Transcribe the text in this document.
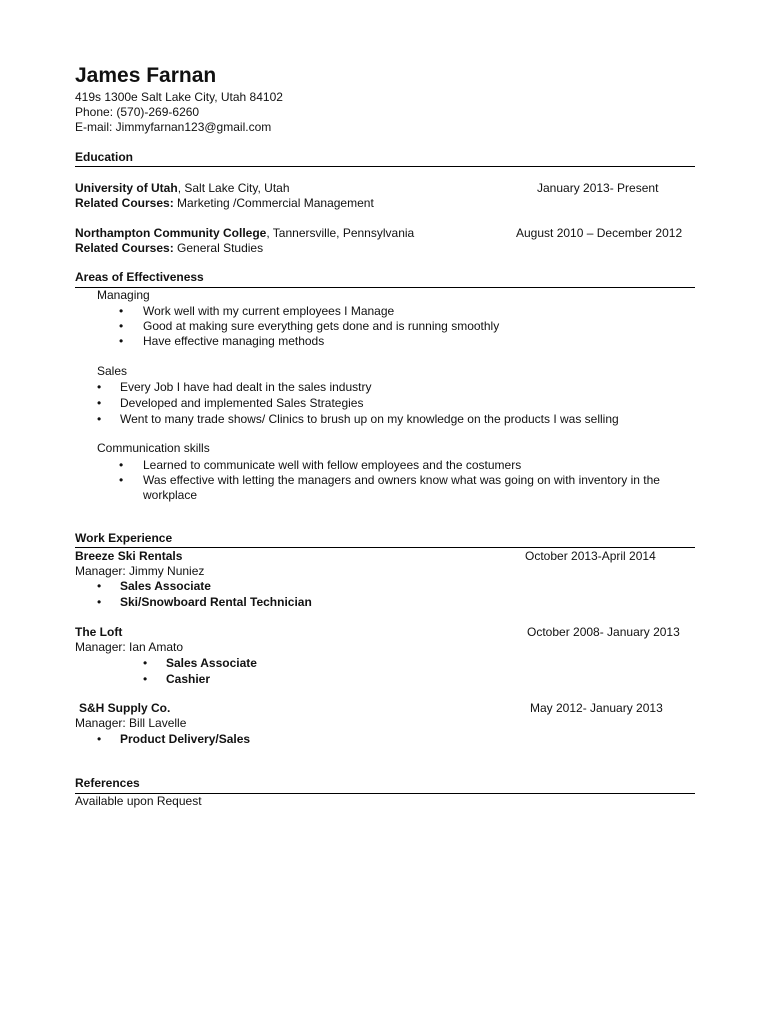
James Farnan
419s 1300e Salt Lake City, Utah 84102
Phone: (570)-269-6260
E-mail: Jimmyfarnan123@gmail.com
Education
University of Utah, Salt Lake City, Utah	January 2013- Present
Related Courses: Marketing /Commercial Management
Northampton Community College, Tannersville, Pennsylvania	August 2010 – December 2012
Related Courses: General Studies
Areas of Effectiveness
Managing
• Work well with my current employees I Manage
• Good at making sure everything gets done and is running smoothly
• Have effective managing methods
Sales
• Every Job I have had dealt in the sales industry
• Developed and implemented Sales Strategies
• Went to many trade shows/ Clinics to brush up on my knowledge on the products I was selling
Communication skills
• Learned to communicate well with fellow employees and the costumers
• Was effective with letting the managers and owners know what was going on with inventory in the workplace
Work Experience
Breeze Ski Rentals	October 2013-April 2014
Manager: Jimmy Nuniez
• Sales Associate
• Ski/Snowboard Rental Technician
The Loft	October 2008- January 2013
Manager: Ian Amato
• Sales Associate
• Cashier
S&H Supply Co.	May 2012- January 2013
Manager: Bill Lavelle
• Product Delivery/Sales
References
Available upon Request
